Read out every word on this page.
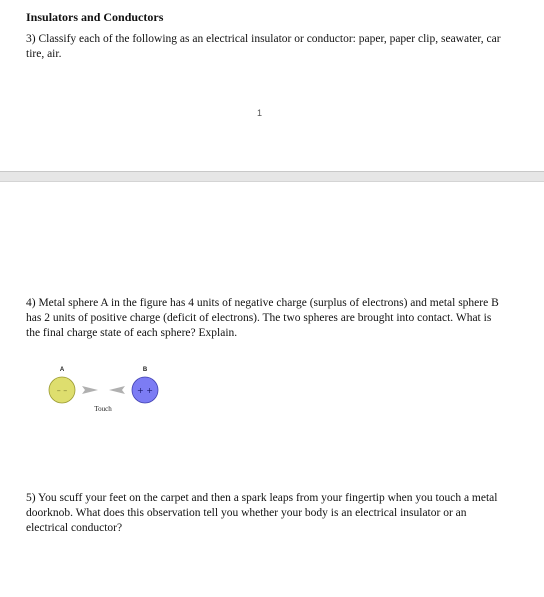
Insulators and Conductors

3) Classify each of the following as an electrical insulator or conductor: paper, paper clip, seawater, car tire, air.

1

4) Metal sphere A in the figure has 4 units of negative charge (surplus of electrons) and metal sphere B has 2 units of positive charge (deficit of electrons). The two spheres are brought into contact. What is the final charge state of each sphere? Explain.

A	B
– –	+ +
Touch

5) You scuff your feet on the carpet and then a spark leaps from your fingertip when you touch a metal doorknob. What does this observation tell you whether your body is an electrical insulator or an electrical conductor?
